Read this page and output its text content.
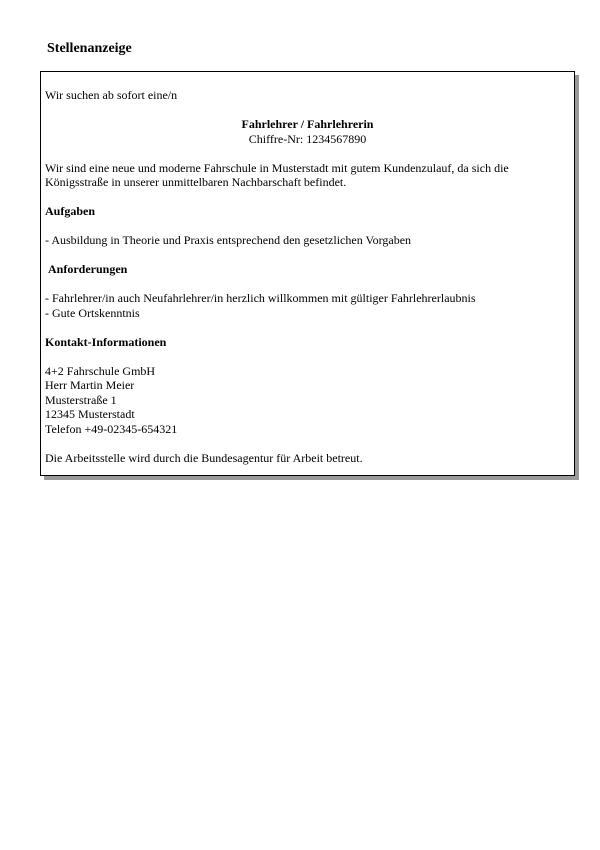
Stellenanzeige

Wir suchen ab sofort eine/n

Fahrlehrer / Fahrlehrerin

Chiffre-Nr: 1234567890

Wir sind eine neue und moderne Fahrschule in Musterstadt mit gutem Kundenzulauf, da sich die Königsstraße in unserer unmittelbaren Nachbarschaft befindet.

Aufgaben

- Ausbildung in Theorie und Praxis entsprechend den gesetzlichen Vorgaben

Anforderungen

- Fahrlehrer/in auch Neufahrlehrer/in herzlich willkommen mit gültiger Fahrlehrerlaubnis

- Gute Ortskenntnis

Kontakt-Informationen

4+2 Fahrschule GmbH

Herr Martin Meier

Musterstraße 1

12345 Musterstadt

Telefon +49-02345-654321

Die Arbeitsstelle wird durch die Bundesagentur für Arbeit betreut.
